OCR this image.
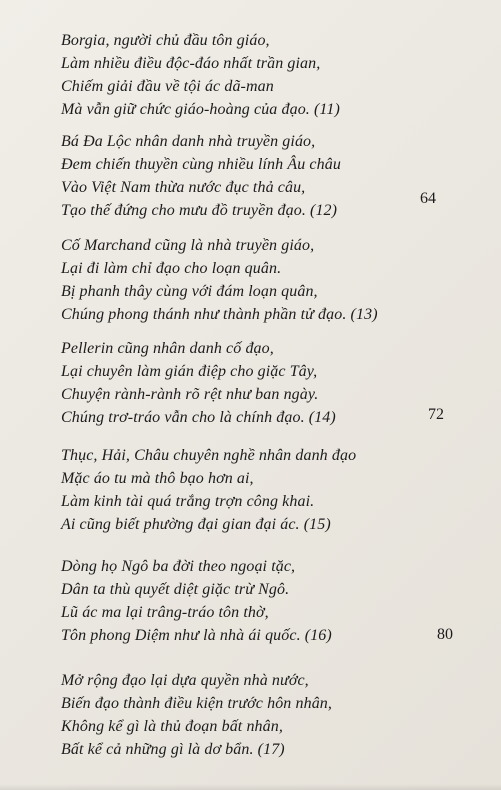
Borgia, người chủ đầu tôn giáo,
Làm nhiều điều độc-đáo nhất trần gian,
Chiếm giải đầu về tội ác dã-man
Mà vẫn giữ chức giáo-hoàng của đạo. (11)
Bá Đa Lộc nhân danh nhà truyền giáo,
Đem chiến thuyền cùng nhiều lính Âu châu
Vào Việt Nam thừa nước đục thả câu,
Tạo thế đứng cho mưu đồ truyền đạo. (12)
64
Cố Marchand cũng là nhà truyền giáo,
Lại đi làm chỉ đạo cho loạn quân.
Bị phanh thây cùng với đám loạn quân,
Chúng phong thánh như thành phần tử đạo. (13)
Pellerin cũng nhân danh cố đạo,
Lại chuyên làm gián điệp cho giặc Tây,
Chuyện rành-rành rõ rệt như ban ngày.
Chúng trơ-tráo vẫn cho là chính đạo. (14)	72
Thục, Hải, Châu chuyên nghề nhân danh đạo
Mặc áo tu mà thô bạo hơn ai,
Làm kinh tài quá trắng trợn công khai.
Ai cũng biết phường đại gian đại ác. (15)
Dòng họ Ngô ba đời theo ngoại tặc,
Dân ta thù quyết diệt giặc trừ Ngô.
Lũ ác ma lại trâng-tráo tôn thờ,
Tôn phong Diệm như là nhà ái quốc. (16)	80
Mở rộng đạo lại dựa quyền nhà nước,
Biến đạo thành điều kiện trước hôn nhân,
Không kể gì là thủ đoạn bất nhân,
Bất kể cả những gì là dơ bẩn. (17)
